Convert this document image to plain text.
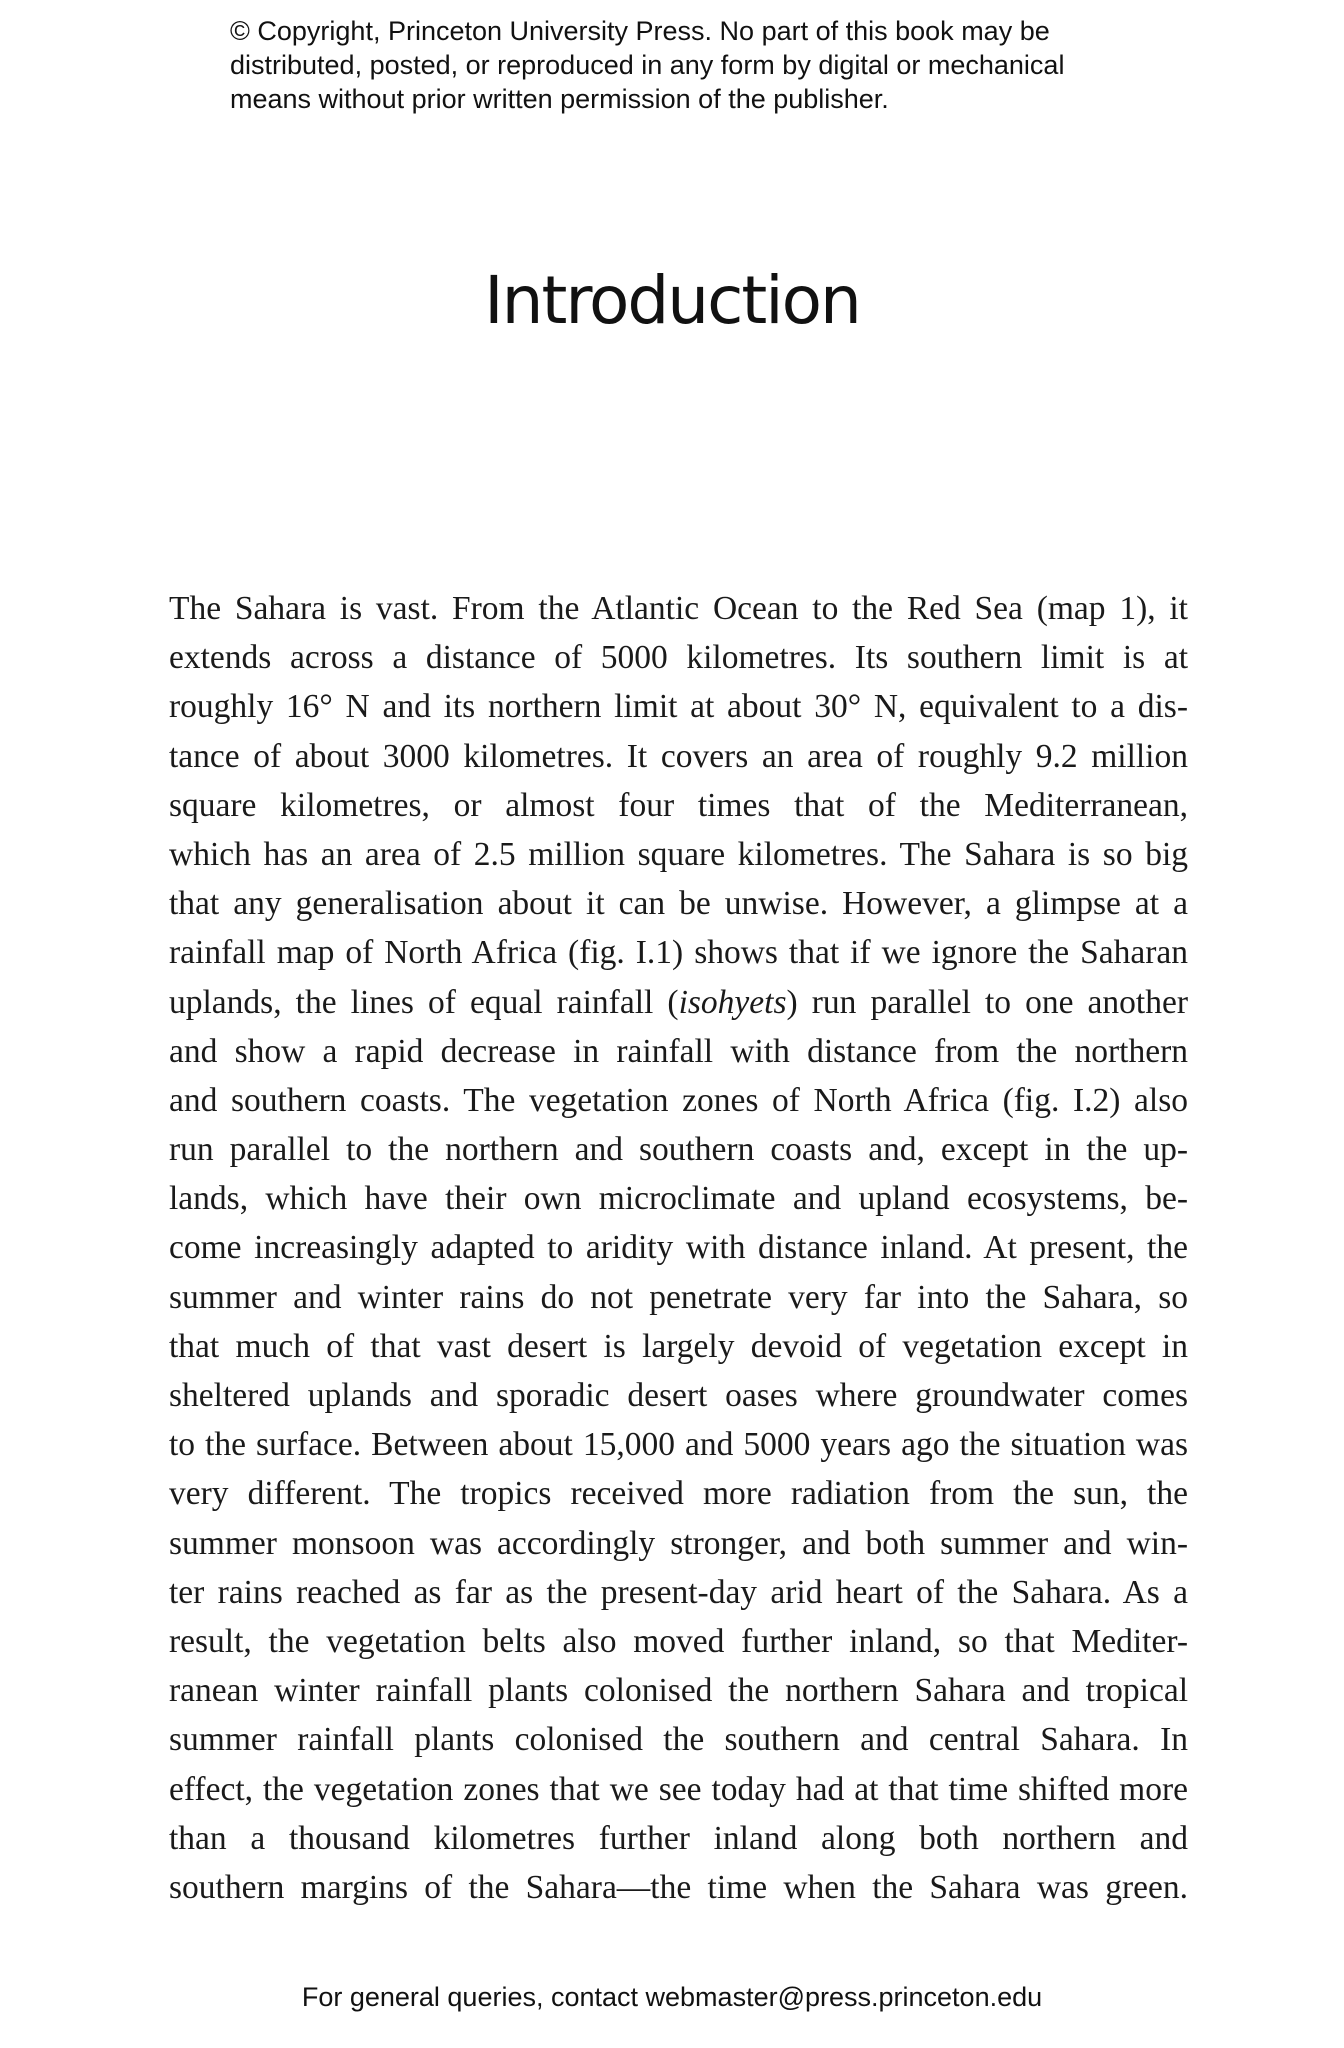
© Copyright, Princeton University Press. No part of this book may be
distributed, posted, or reproduced in any form by digital or mechanical
means without prior written permission of the publisher.
Introduction
The Sahara is vast. From the Atlantic Ocean to the Red Sea (map 1), it
extends across a distance of 5000 kilometres. Its southern limit is at
roughly 16° N and its northern limit at about 30° N, equivalent to a dis-
tance of about 3000 kilometres. It covers an area of roughly 9.2 million
square kilometres, or almost four times that of the Mediterranean,
which has an area of 2.5 million square kilometres. The Sahara is so big
that any generalisation about it can be unwise. However, a glimpse at a
rainfall map of North Africa (fig. I.1) shows that if we ignore the Saharan
uplands, the lines of equal rainfall (isohyets) run parallel to one another
and show a rapid decrease in rainfall with distance from the northern
and southern coasts. The vegetation zones of North Africa (fig. I.2) also
run parallel to the northern and southern coasts and, except in the up-
lands, which have their own microclimate and upland ecosystems, be-
come increasingly adapted to aridity with distance inland. At present, the
summer and winter rains do not penetrate very far into the Sahara, so
that much of that vast desert is largely devoid of vegetation except in
sheltered uplands and sporadic desert oases where groundwater comes
to the surface. Between about 15,000 and 5000 years ago the situation was
very different. The tropics received more radiation from the sun, the
summer monsoon was accordingly stronger, and both summer and win-
ter rains reached as far as the present-day arid heart of the Sahara. As a
result, the vegetation belts also moved further inland, so that Mediter-
ranean winter rainfall plants colonised the northern Sahara and tropical
summer rainfall plants colonised the southern and central Sahara. In
effect, the vegetation zones that we see today had at that time shifted more
than a thousand kilometres further inland along both northern and
southern margins of the Sahara—the time when the Sahara was green.
For general queries, contact webmaster@press.princeton.edu
